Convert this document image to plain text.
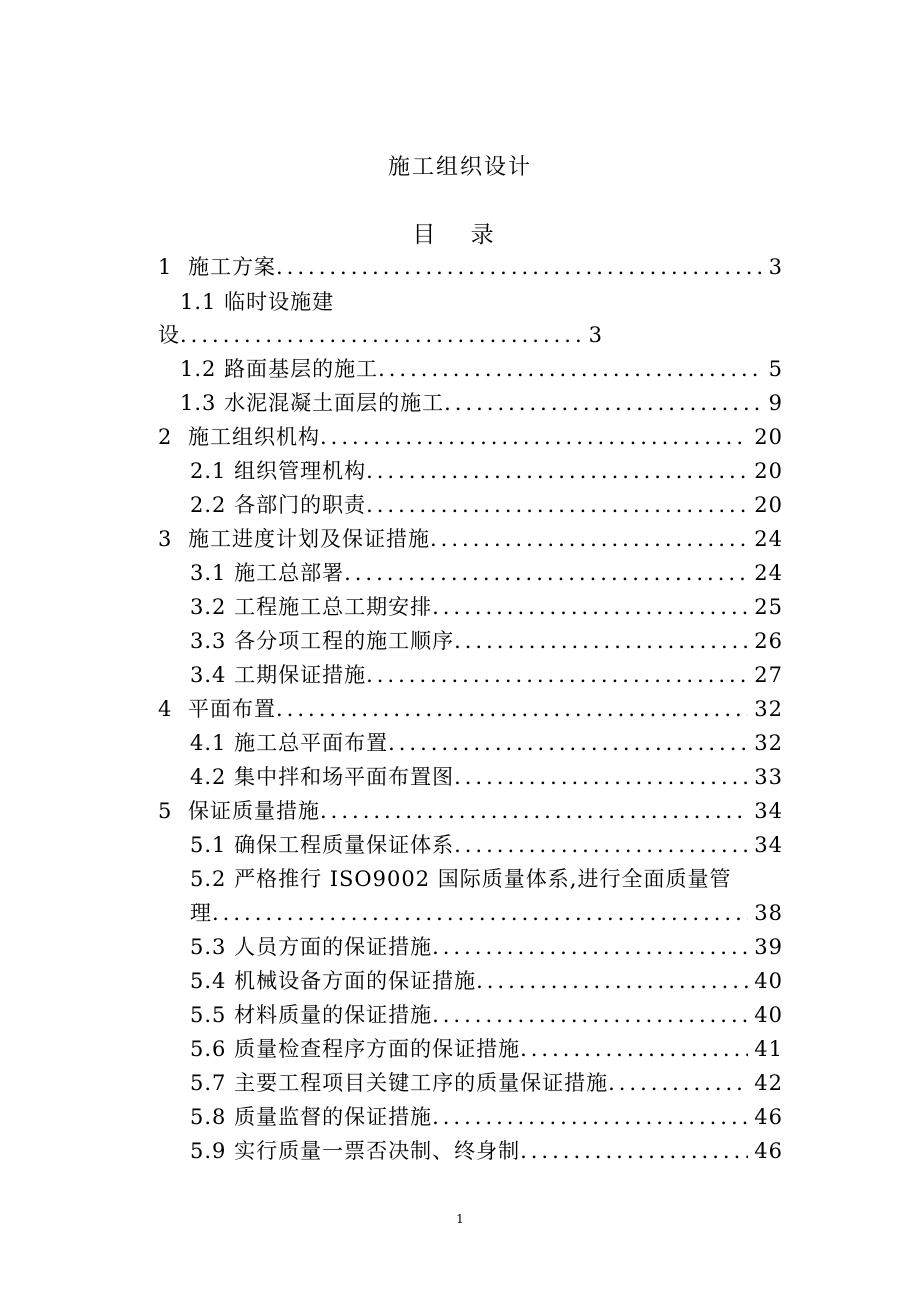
施工组织设计
目 录
1 施工方案 .....	3
1.1 临时设施建
设 .....	3
1.2 路面基层的施工 .....	5
1.3 水泥混凝土面层的施工 .....	9
2 施工组织机构 .....	20
2.1 组织管理机构 .....	20
2.2 各部门的职责 .....	20
3 施工进度计划及保证措施 .....	24
3.1 施工总部署 .....	24
3.2 工程施工总工期安排 .....	25
3.3 各分项工程的施工顺序 .....	26
3.4 工期保证措施 .....	27
4 平面布置 .....	32
4.1 施工总平面布置 .....	32
4.2 集中拌和场平面布置图 .....	33
5 保证质量措施 .....	34
5.1 确保工程质量保证体系 .....	34
5.2 严格推行 ISO9002 国际质量体系,进行全面质量管
理 .....	38
5.3 人员方面的保证措施 .....	39
5.4 机械设备方面的保证措施 .....	40
5.5 材料质量的保证措施 .....	40
5.6 质量检查程序方面的保证措施 .....	41
5.7 主要工程项目关键工序的质量保证措施 .....	42
5.8 质量监督的保证措施 .....	46
5.9 实行质量一票否决制、终身制 .....	46
1
